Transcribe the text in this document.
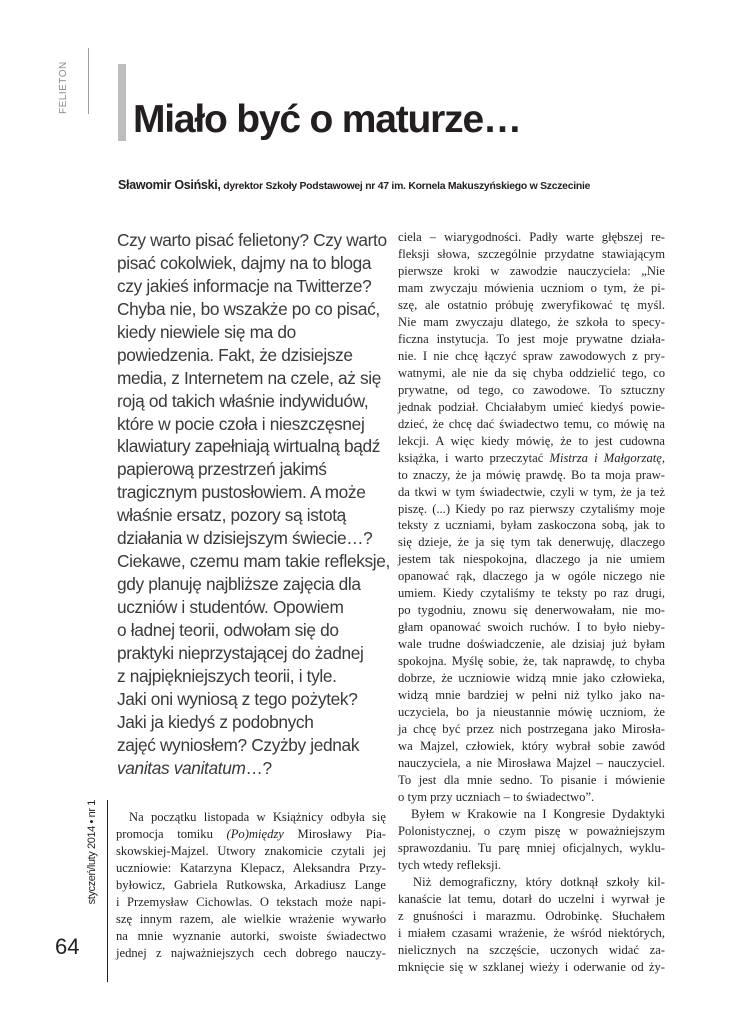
FELIETON
Miało być o maturze…
Sławomir Osiński, dyrektor Szkoły Podstawowej nr 47 im. Kornela Makuszyńskiego w Szczecinie
Czy warto pisać felietony? Czy warto
pisać cokolwiek, dajmy na to bloga
czy jakieś informacje na Twitterze?
Chyba nie, bo wszakże po co pisać,
kiedy niewiele się ma do
powiedzenia. Fakt, że dzisiejsze
media, z Internetem na czele, aż się
roją od takich właśnie indywiduów,
które w pocie czoła i nieszczęsnej
klawiatury zapełniają wirtualną bądź
papierową przestrzeń jakimś
tragicznym pustosłowiem. A może
właśnie ersatz, pozory są istotą
działania w dzisiejszym świecie…?
Ciekawe, czemu mam takie refleksje,
gdy planuję najbliższe zajęcia dla
uczniów i studentów. Opowiem
o ładnej teorii, odwołam się do
praktyki nieprzystającej do żadnej
z najpiękniejszych teorii, i tyle.
Jaki oni wyniosą z tego pożytek?
Jaki ja kiedyś z podobnych
zajęć wyniosłem? Czyżby jednak
vanitas vanitatum…?
Na początku listopada w Książnicy odbyła się
promocja tomiku (Po)między Mirosławy Pia-
skowskiej-Majzel. Utwory znakomicie czytali jej
uczniowie: Katarzyna Klepacz, Aleksandra Przy-
byłowicz, Gabriela Rutkowska, Arkadiusz Lange
i Przemysław Cichowlas. O tekstach może napi-
szę innym razem, ale wielkie wrażenie wywarło
na mnie wyznanie autorki, swoiste świadectwo
jednej z najważniejszych cech dobrego nauczy-
ciela – wiarygodności. Padły warte głębszej re-
fleksji słowa, szczególnie przydatne stawiającym
pierwsze kroki w zawodzie nauczyciela: „Nie
mam zwyczaju mówienia uczniom o tym, że pi-
szę, ale ostatnio próbuję zweryfikować tę myśl.
Nie mam zwyczaju dlatego, że szkoła to specy-
ficzna instytucja. To jest moje prywatne działa-
nie. I nie chcę łączyć spraw zawodowych z pry-
watnymi, ale nie da się chyba oddzielić tego, co
prywatne, od tego, co zawodowe. To sztuczny
jednak podział. Chciałabym umieć kiedyś powie-
dzieć, że chcę dać świadectwo temu, co mówię na
lekcji. A więc kiedy mówię, że to jest cudowna
książka, i warto przeczytać Mistrza i Małgorzatę,
to znaczy, że ja mówię prawdę. Bo ta moja praw-
da tkwi w tym świadectwie, czyli w tym, że ja też
piszę. (...) Kiedy po raz pierwszy czytaliśmy moje
teksty z uczniami, byłam zaskoczona sobą, jak to
się dzieje, że ja się tym tak denerwuję, dlaczego
jestem tak niespokojna, dlaczego ja nie umiem
opanować rąk, dlaczego ja w ogóle niczego nie
umiem. Kiedy czytaliśmy te teksty po raz drugi,
po tygodniu, znowu się denerwowałam, nie mo-
głam opanować swoich ruchów. I to było nieby-
wale trudne doświadczenie, ale dzisiaj już byłam
spokojna. Myślę sobie, że, tak naprawdę, to chyba
dobrze, że uczniowie widzą mnie jako człowieka,
widzą mnie bardziej w pełni niż tylko jako na-
uczyciela, bo ja nieustannie mówię uczniom, że
ja chcę być przez nich postrzegana jako Mirosła-
wa Majzel, człowiek, który wybrał sobie zawód
nauczyciela, a nie Mirosława Majzel – nauczyciel.
To jest dla mnie sedno. To pisanie i mówienie
o tym przy uczniach – to świadectwo”.
Byłem w Krakowie na I Kongresie Dydaktyki
Polonistycznej, o czym piszę w poważniejszym
sprawozdaniu. Tu parę mniej oficjalnych, wyklu-
tych wtedy refleksji.
Niż demograficzny, który dotknął szkoły kil-
kanaście lat temu, dotarł do uczelni i wyrwał je
z gnuśności i marazmu. Odrobinkę. Słuchałem
i miałem czasami wrażenie, że wśród niektórych,
nielicznych na szczęście, uczonych widać za-
mknięcie się w szklanej wieży i oderwanie od ży-
styczeń/luty 2014 • nr 1
64
